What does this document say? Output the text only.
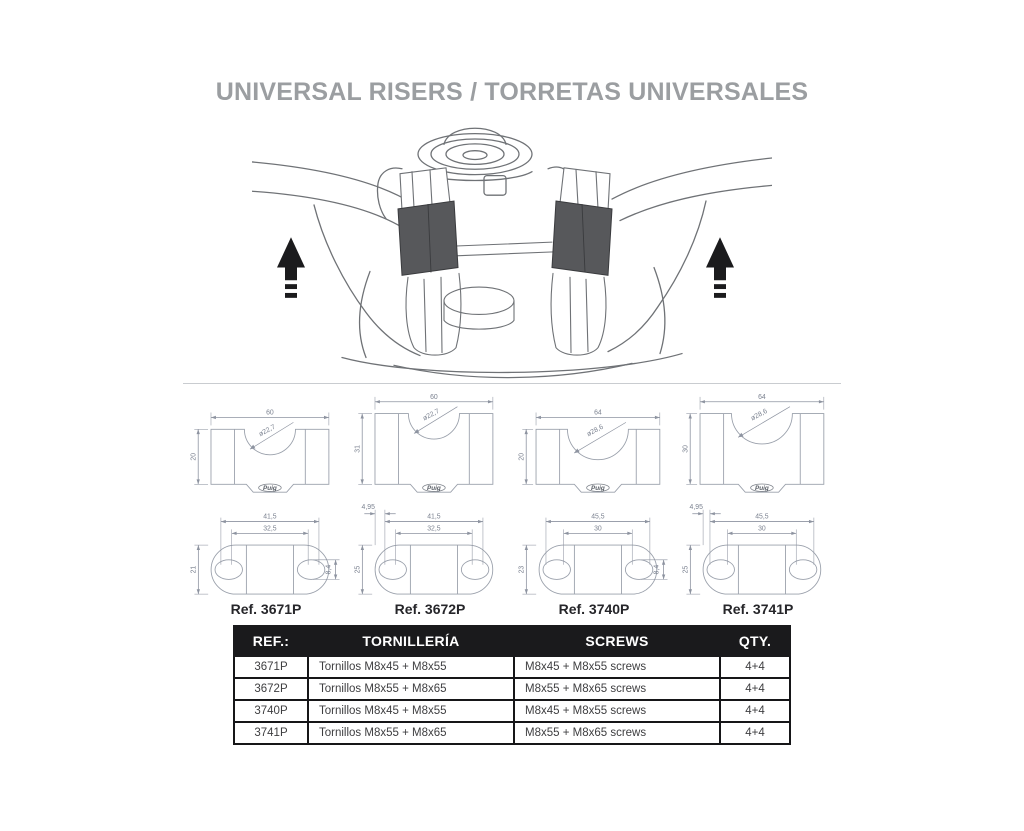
UNIVERSAL RISERS / TORRETAS UNIVERSALES
Puig
60
20
ø22,7
41,5
32,5
21	8,4
Ref. 3671P
Puig
60
31
ø22,7
41,5
32,5
25
4,95
Ref. 3672P
Puig
64
20
ø28,6
45,5
30
23	8,4
Ref. 3740P
Puig
64
30
ø28,6
45,5
30
25
4,95
Ref. 3741P
REF.:	TORNILLERÍA	SCREWS	QTY.
3671P	Tornillos M8x45 + M8x55	M8x45 + M8x55 screws	4+4
3672P	Tornillos M8x55 + M8x65	M8x55 + M8x65 screws	4+4
3740P	Tornillos M8x45 + M8x55	M8x45 + M8x55 screws	4+4
3741P	Tornillos M8x55 + M8x65	M8x55 + M8x65 screws	4+4
